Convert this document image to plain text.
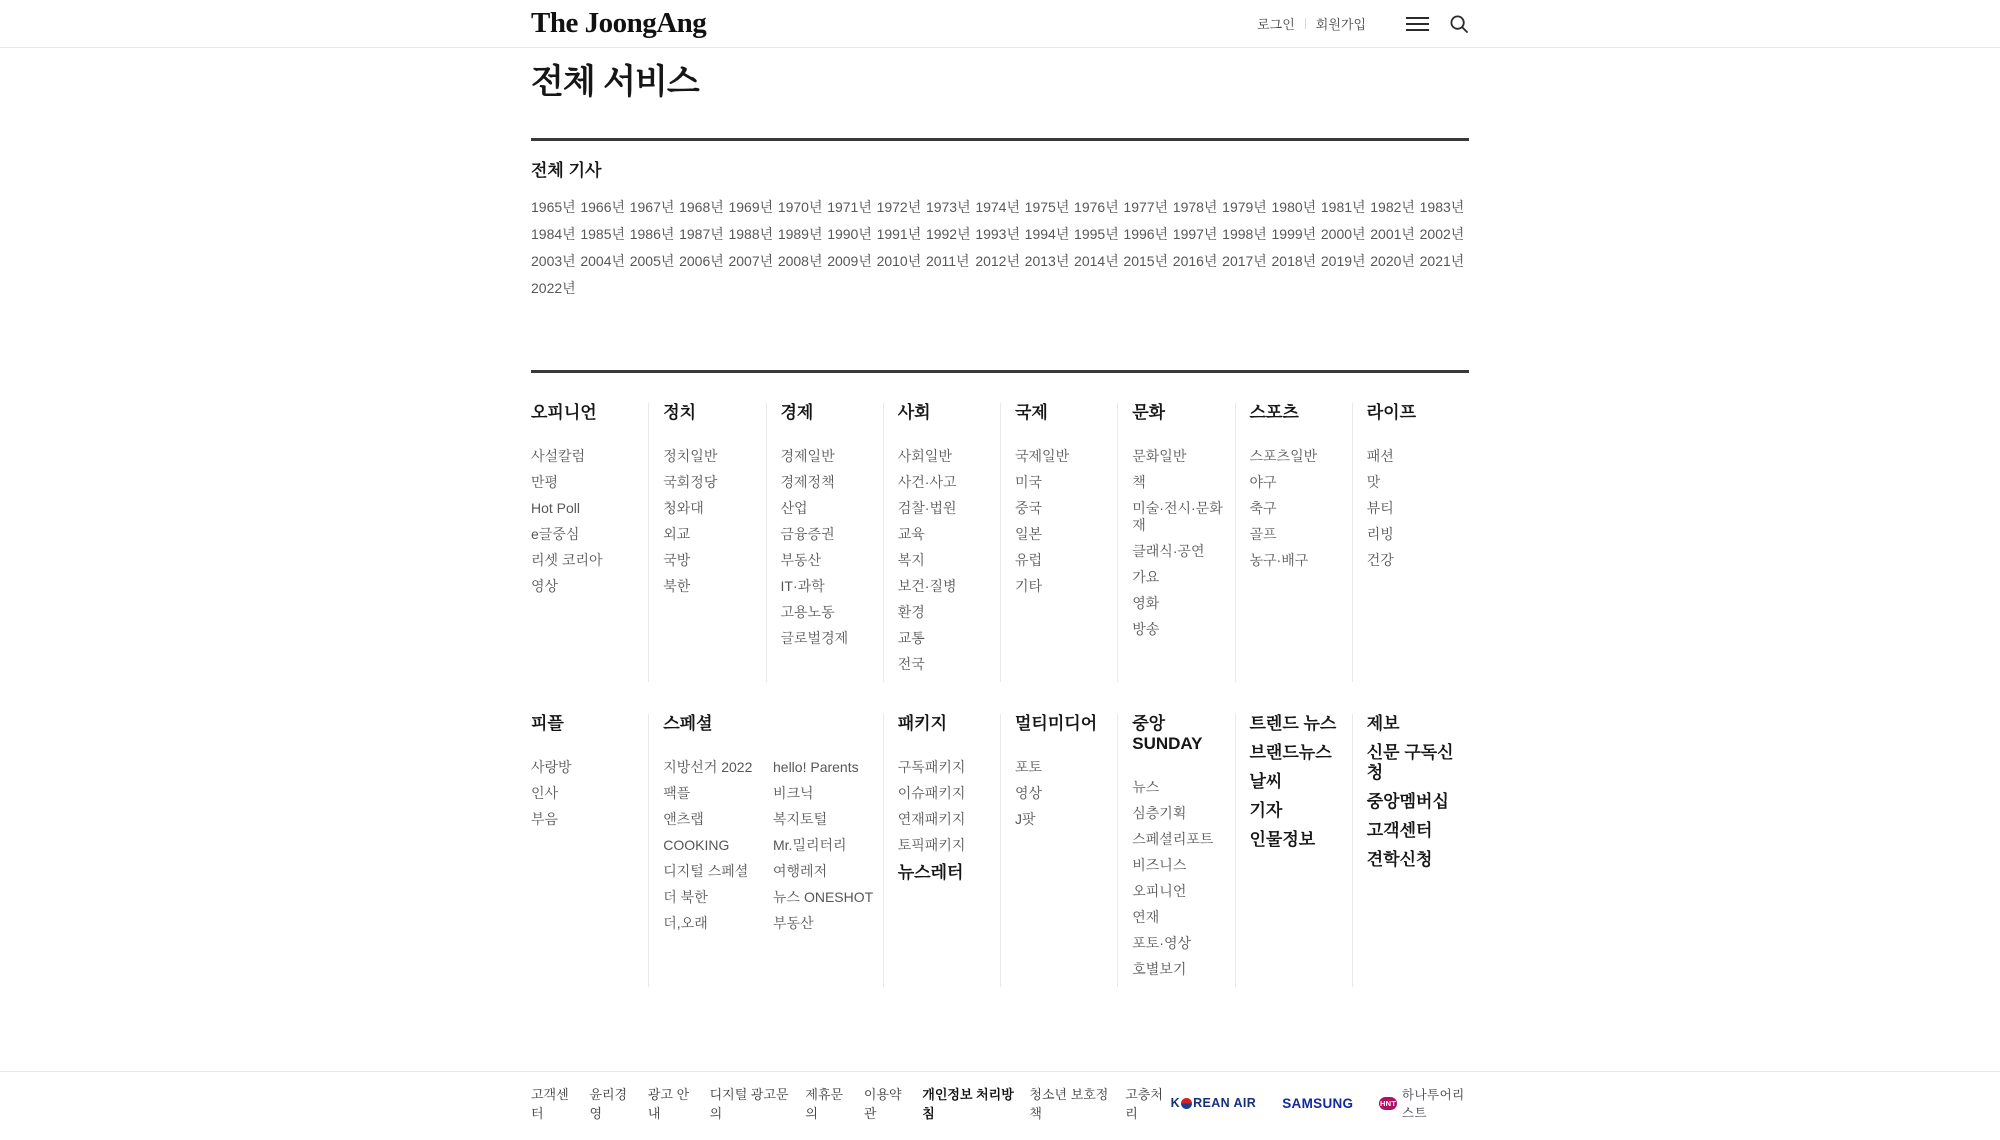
The JoongAng	로그인 회원가입
전체 서비스
전체 기사
1965년 1966년 1967년 1968년 1969년 1970년 1971년 1972년 1973년 1974년 1975년 1976년 1977년 1978년 1979년 1980년 1981년 1982년 1983년
1984년 1985년 1986년 1987년 1988년 1989년 1990년 1991년 1992년 1993년 1994년 1995년 1996년 1997년 1998년 1999년 2000년 2001년 2002년
2003년 2004년 2005년 2006년 2007년 2008년 2009년 2010년 2011년 2012년 2013년 2014년 2015년 2016년 2017년 2018년 2019년 2020년 2021년
2022년
오피니언
사설칼럼
만평
Hot Poll
e글중심
리셋 코리아
영상
정치
정치일반
국회정당
청와대
외교
국방
북한
경제
경제일반
경제정책
산업
금융증권
부동산
IT·과학
고용노동
글로벌경제
사회
사회일반
사건·사고
검찰·법원
교육
복지
보건·질병
환경
교통
전국
국제
국제일반
미국
중국
일본
유럽
기타
문화
문화일반
책
미술·전시·문화재
클래식·공연
가요
영화
방송
스포츠
스포츠일반
야구
축구
골프
농구·배구
라이프
패션
맛
뷰티
리빙
건강
피플
사랑방
인사
부음
스페셜
지방선거 2022
팩플
앤츠랩
COOKING
디지털 스페셜
더 북한
더,오래
hello! Parents
비크닉
복지토털
Mr.밀리터리
여행레저
뉴스 ONESHOT
부동산
패키지
구독패키지
이슈패키지
연재패키지
토픽패키지
뉴스레터
멀티미디어
포토
영상
J팟
중앙SUNDAY
뉴스
심층기획
스페셜리포트
비즈니스
오피니언
연재
포토·영상
호별보기
트렌드 뉴스
브랜드뉴스
날씨
기자
인물정보
제보
신문 구독신청
중앙멤버십
고객센터
견학신청
고객센터
윤리경영
광고 안내
디지털 광고문의
제휴문의
이용약관
개인정보 처리방침
청소년 보호정책
고충처리
K REAN AIR SAMSUNG	HNT
하나투어리스트
